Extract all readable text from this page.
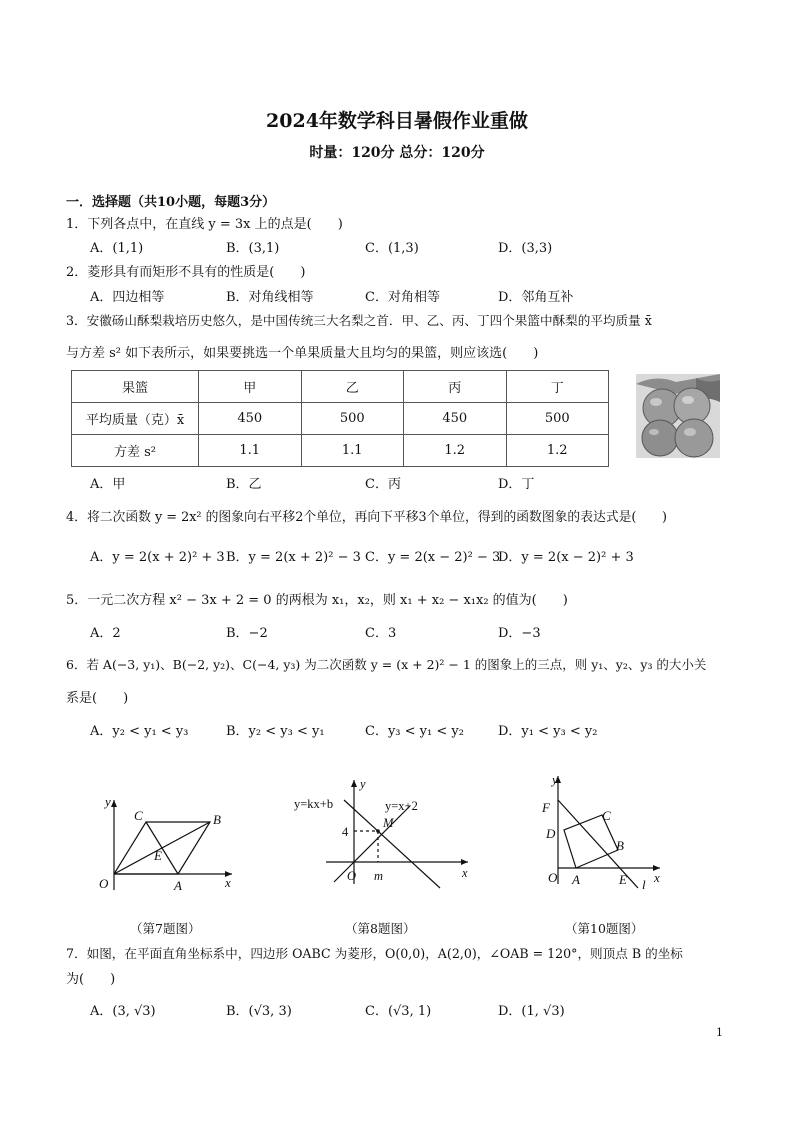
2024年数学科目暑假作业重做
时量：120分 总分：120分
一．选择题（共10小题，每题3分）
1．下列各点中，在直线 y = 3x 上的点是(　　)
A．(1,1)	B．(3,1)	C．(1,3)	D．(3,3)
2．菱形具有而矩形不具有的性质是(　　)
A．四边相等	B．对角线相等	C．对角相等	D．邻角互补
3．安徽砀山酥梨栽培历史悠久，是中国传统三大名梨之首．甲、乙、丙、丁四个果篮中酥梨的平均质量 x̄
与方差 s² 如下表所示，如果要挑选一个单果质量大且均匀的果篮，则应该选(　　)
果篮	甲	乙	丙	丁
平均质量（克）x̄	450	500	450	500
方差 s²	1.1	1.1	1.2	1.2
A．甲	B．乙	C．丙	D．丁
4．将二次函数 y = 2x² 的图象向右平移2个单位，再向下平移3个单位，得到的函数图象的表达式是(　　)
A．y = 2(x + 2)² + 3 B．y = 2(x + 2)² − 3 C．y = 2(x − 2)² − 3
D．y = 2(x − 2)² + 3
5．一元二次方程 x² − 3x + 2 = 0 的两根为 x₁，x₂，则 x₁ + x₂ − x₁x₂ 的值为(　　)
A．2	B．−2	C．3	D．−3
6．若 A(−3, y₁)、B(−2, y₂)、C(−4, y₃) 为二次函数 y = (x + 2)² − 1 的图象上的三点，则 y₁、y₂、y₃ 的大小关
系是(　　)
A．y₂ < y₁ < y₃	B．y₂ < y₃ < y₁	C．y₃ < y₁ < y₂	D．y₁ < y₃ < y₂
y
C	B
E
O	A	x
（第7题图）
y=kx+b
y
y=x+2
4
M
O m	x
（第8题图）
y
F
C
D
B
O A	E x
l
（第10题图）
7．如图，在平面直角坐标系中，四边形 OABC 为菱形，O(0,0)，A(2,0)，∠OAB = 120°，则顶点 B 的坐标
为(　　)
A．(3, √3)	B．(√3, 3)	C．(√3, 1)	D．(1, √3)
1
